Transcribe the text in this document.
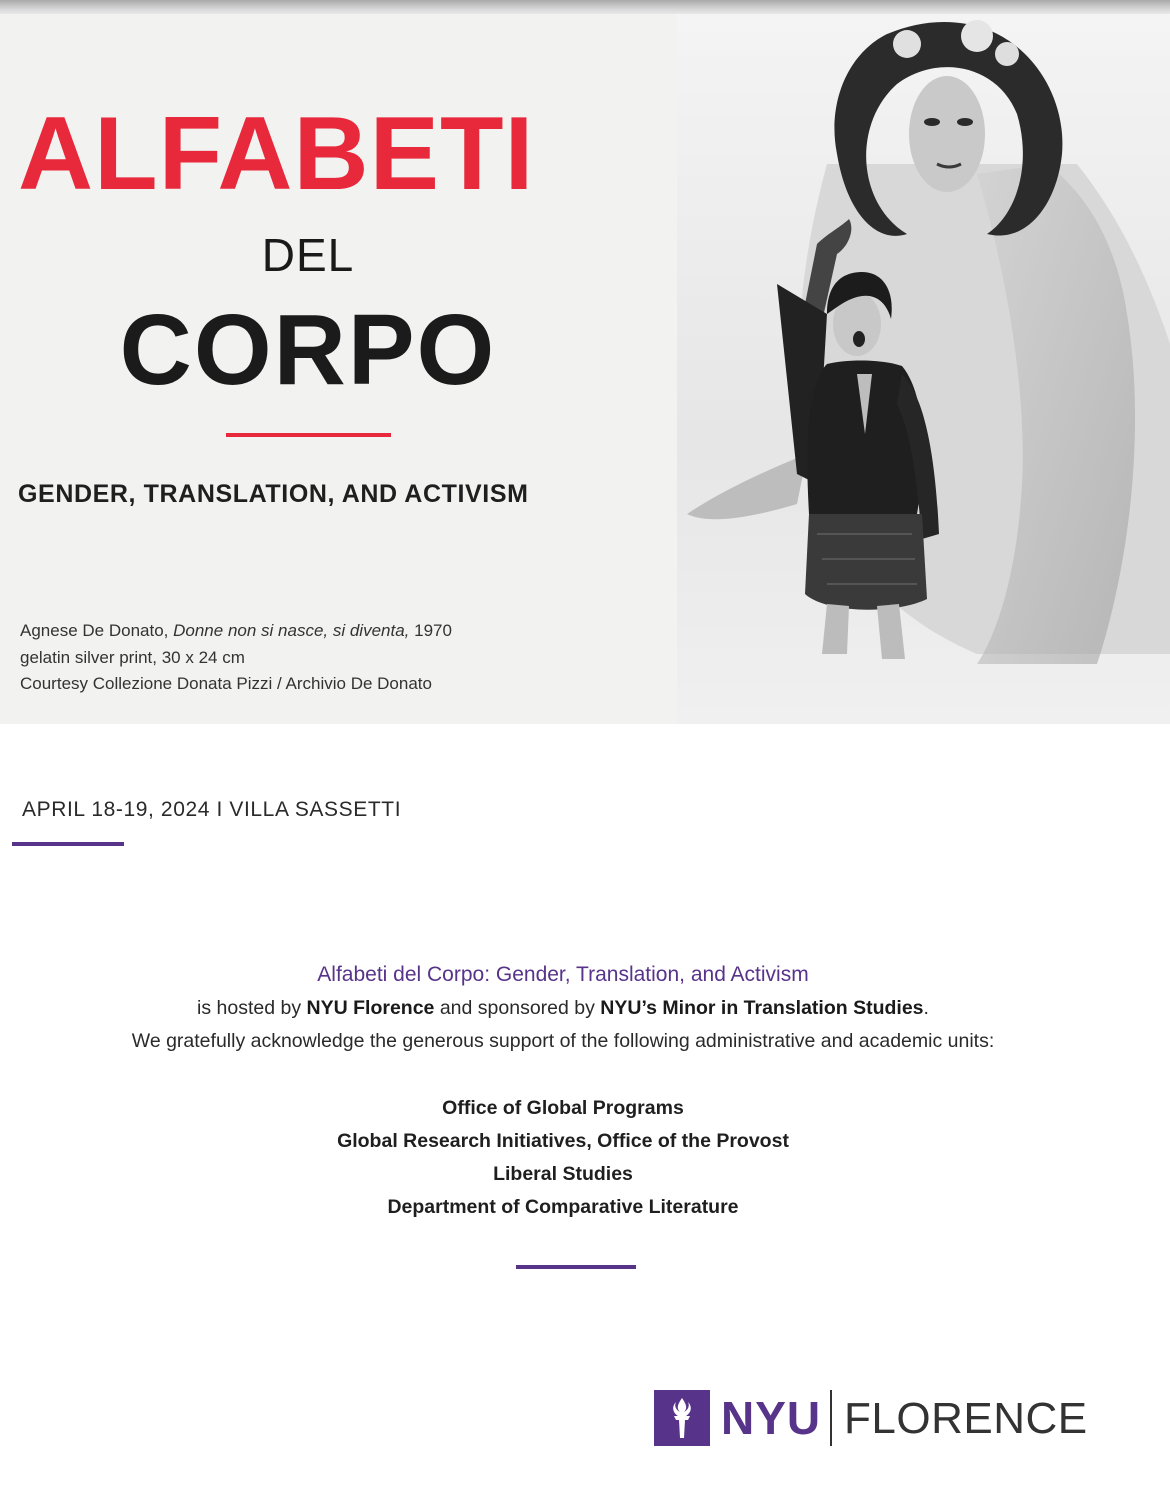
ALFABETI
DEL
CORPO
GENDER, TRANSLATION, AND ACTIVISM
Agnese De Donato, Donne non si nasce, si diventa, 1970
gelatin silver print, 30 x 24 cm
Courtesy Collezione Donata Pizzi / Archivio De Donato
APRIL 18-19, 2024 I VILLA SASSETTI
Alfabeti del Corpo: Gender, Translation, and Activism
is hosted by NYU Florence and sponsored by NYU’s Minor in Translation Studies.
We gratefully acknowledge the generous support of the following administrative and academic units:
Office of Global Programs
Global Research Initiatives, Office of the Provost
Liberal Studies
Department of Comparative Literature
NYU FLORENCE
